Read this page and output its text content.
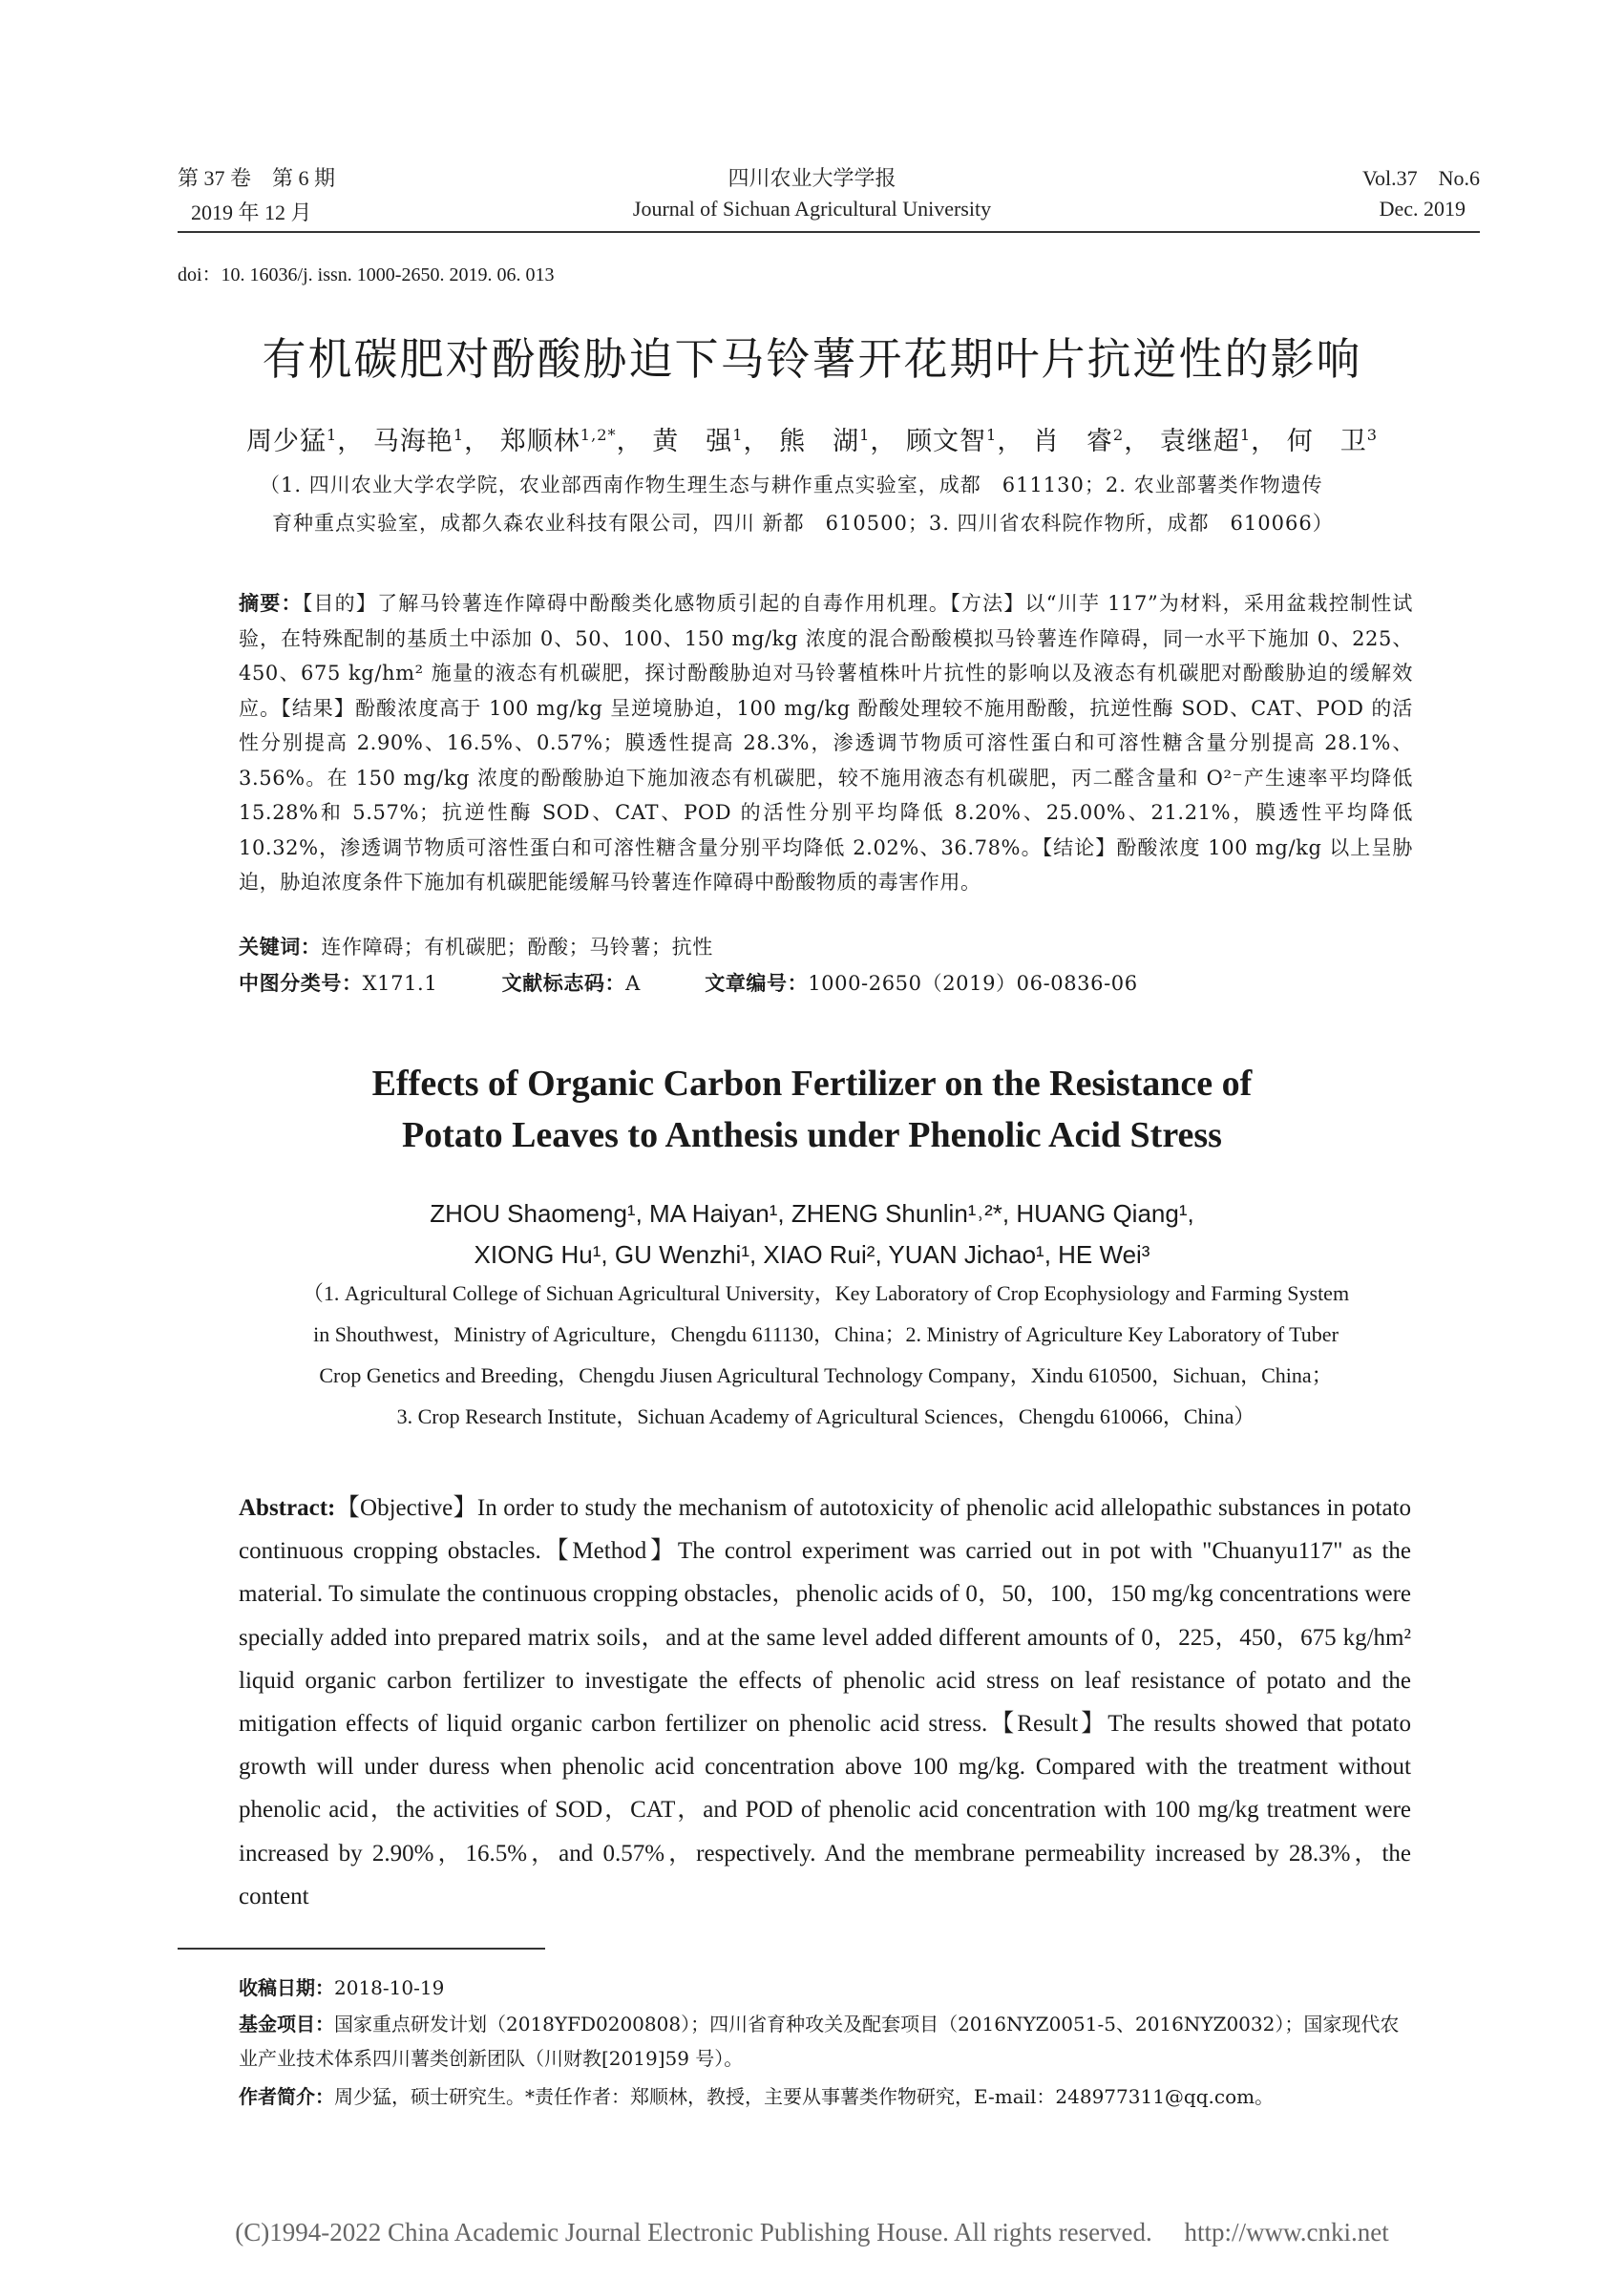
第 37 卷　第 6 期
2019 年 12 月
四川农业大学学报
Journal of Sichuan Agricultural University
Vol.37　No.6
Dec. 2019
doi：10. 16036/j. issn. 1000-2650. 2019. 06. 013
有机碳肥对酚酸胁迫下马铃薯开花期叶片抗逆性的影响
周少猛$^1$， 马海艳$^1$， 郑顺林$^{1,2*}$， 黄　强$^1$， 熊　湖$^1$， 顾文智$^1$， 肖　睿$^2$， 袁继超$^1$， 何　卫$^3$
（1. 四川农业大学农学院，农业部西南作物生理生态与耕作重点实验室，成都　611130；2. 农业部薯类作物遗传
育种重点实验室，成都久森农业科技有限公司，四川 新都　610500；3. 四川省农科院作物所，成都　610066）
摘要：【目的】了解马铃薯连作障碍中酚酸类化感物质引起的自毒作用机理。【方法】以“川芋 117”为材料，采用盆栽控制性试验，在特殊配制的基质土中添加 0、50、100、150 mg/kg 浓度的混合酚酸模拟马铃薯连作障碍，同一水平下施加 0、225、450、675 kg/hm² 施量的液态有机碳肥，探讨酚酸胁迫对马铃薯植株叶片抗性的影响以及液态有机碳肥对酚酸胁迫的缓解效应。【结果】酚酸浓度高于 100 mg/kg 呈逆境胁迫，100 mg/kg 酚酸处理较不施用酚酸，抗逆性酶 SOD、CAT、POD 的活性分别提高 2.90%、16.5%、0.57%；膜透性提高 28.3%，渗透调节物质可溶性蛋白和可溶性糖含量分别提高 28.1%、3.56%。在 150 mg/kg 浓度的酚酸胁迫下施加液态有机碳肥，较不施用液态有机碳肥，丙二醛含量和 O²⁻产生速率平均降低 15.28%和 5.57%；抗逆性酶 SOD、CAT、POD 的活性分别平均降低 8.20%、25.00%、21.21%，膜透性平均降低 10.32%，渗透调节物质可溶性蛋白和可溶性糖含量分别平均降低 2.02%、36.78%。【结论】酚酸浓度 100 mg/kg 以上呈胁迫，胁迫浓度条件下施加有机碳肥能缓解马铃薯连作障碍中酚酸物质的毒害作用。
关键词：连作障碍；有机碳肥；酚酸；马铃薯；抗性
中图分类号：X171.1	文献标志码：A	文章编号：1000-2650（2019）06-0836-06
Effects of Organic Carbon Fertilizer on the Resistance of
Potato Leaves to Anthesis under Phenolic Acid Stress
ZHOU Shaomeng¹, MA Haiyan¹, ZHENG Shunlin¹˒²*, HUANG Qiang¹,
XIONG Hu¹, GU Wenzhi¹, XIAO Rui², YUAN Jichao¹, HE Wei³
（1. Agricultural College of Sichuan Agricultural University，Key Laboratory of Crop Ecophysiology and Farming System
in Shouthwest，Ministry of Agriculture，Chengdu 611130，China；2. Ministry of Agriculture Key Laboratory of Tuber
Crop Genetics and Breeding，Chengdu Jiusen Agricultural Technology Company，Xindu 610500，Sichuan，China；
3. Crop Research Institute，Sichuan Academy of Agricultural Sciences，Chengdu 610066，China）
Abstract:【Objective】In order to study the mechanism of autotoxicity of phenolic acid allelopathic substances in potato continuous cropping obstacles.【Method】The control experiment was carried out in pot with "Chuanyu117" as the material. To simulate the continuous cropping obstacles，phenolic acids of 0，50，100，150 mg/kg concentrations were specially added into prepared matrix soils，and at the same level added different amounts of 0，225，450，675 kg/hm² liquid organic carbon fertilizer to investigate the effects of phenolic acid stress on leaf resistance of potato and the mitigation effects of liquid organic carbon fertilizer on phenolic acid stress.【Result】The results showed that potato growth will under duress when phenolic acid concentration above 100 mg/kg. Compared with the treatment without phenolic acid，the activities of SOD，CAT，and POD of phenolic acid concentration with 100 mg/kg treatment were increased by 2.90%，16.5%，and 0.57%，respectively. And the membrane permeability increased by 28.3%，the content
收稿日期：2018-10-19
基金项目：国家重点研发计划（2018YFD0200808）；四川省育种攻关及配套项目（2016NYZ0051-5、2016NYZ0032）；国家现代农业产业技术体系四川薯类创新团队（川财教[2019]59 号）。
作者简介：周少猛，硕士研究生。*责任作者：郑顺林，教授，主要从事薯类作物研究，E-mail：248977311@qq.com。
(C)1994-2022 China Academic Journal Electronic Publishing House. All rights reserved.　 http://www.cnki.net
